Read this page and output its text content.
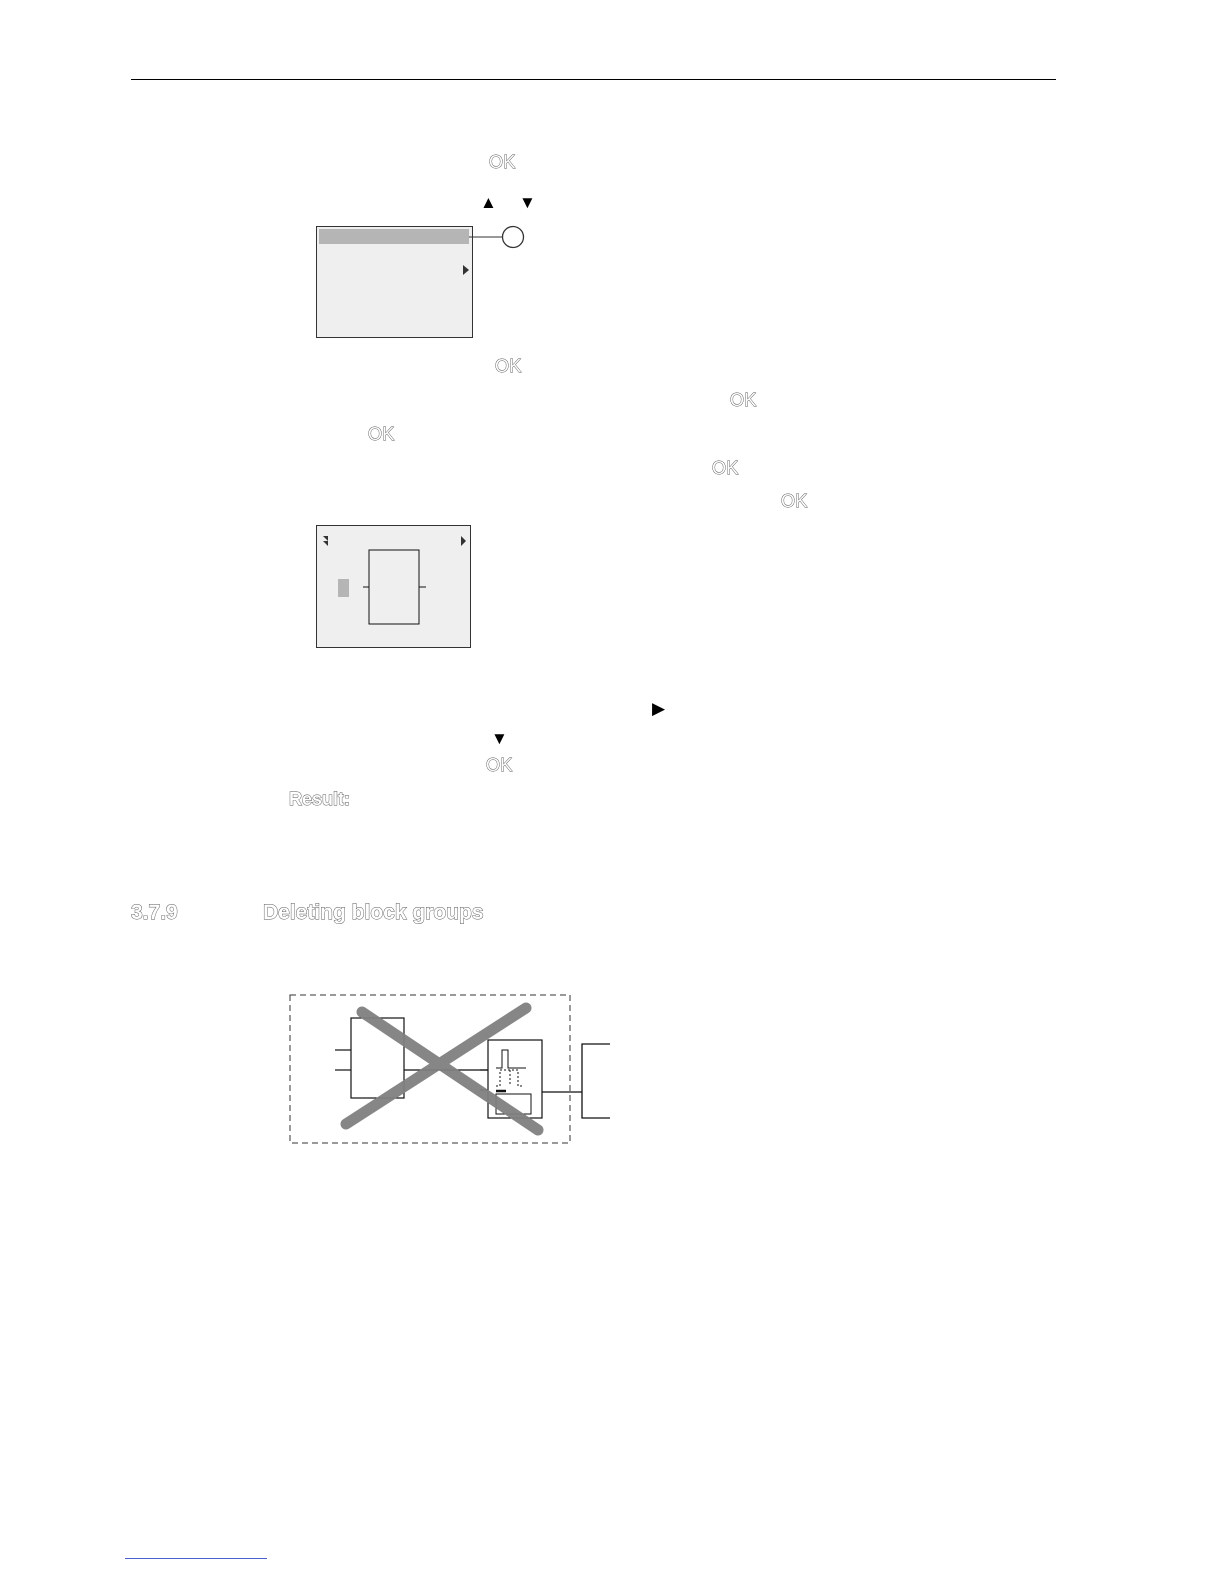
OK
▲ ▼
OK
OK
OK
OK
OK
▶
▼
OK
Result:
3.7.9	Deleting block groups
